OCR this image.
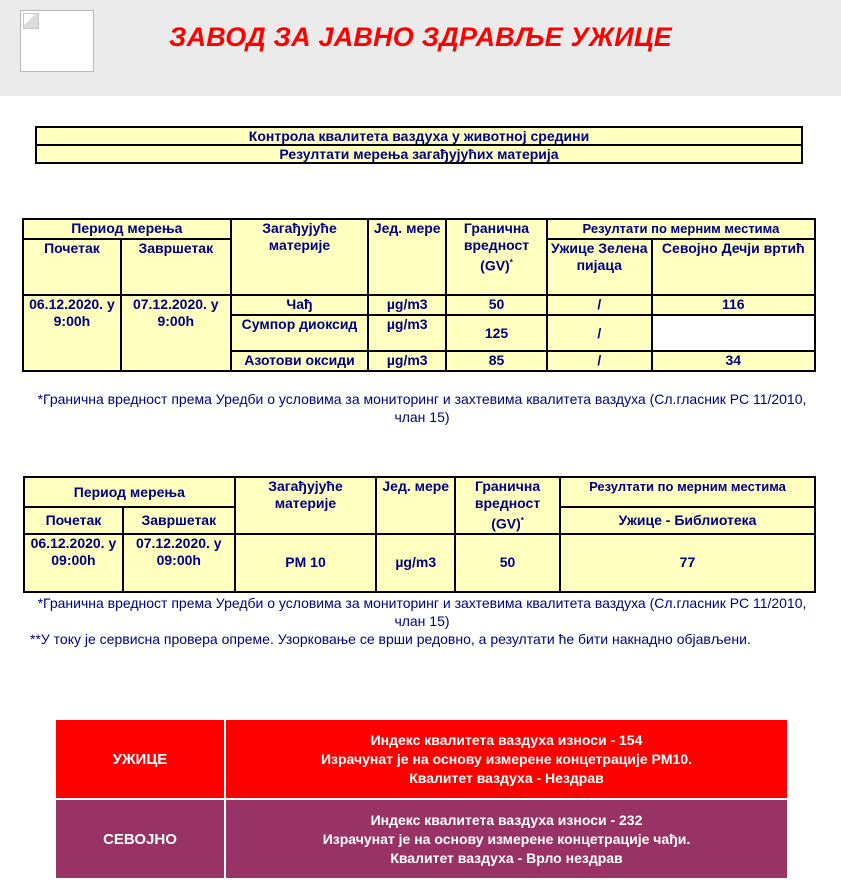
ЗАВОД ЗА ЈАВНО ЗДРАВЉЕ УЖИЦЕ
Контрола квалитета ваздуха у животној средини
Резултати мерења загађујућих материја
Период мерења		Загађујуће материје	Јед. мере	Гранична вредност (GV)*	Резултати по мерним местима	
Почетак	Завршетак				Ужице Зелена пијаца	Севојно Дечји вртић
06.12.2020. у 9:00h	07.12.2020. у 9:00h	Чађ	µg/m3	50	/	116
		Сумпор диоксид	µg/m3	125	/	
		Азотови оксиди	µg/m3	85	/	34
*Гранична вредност према Уредби о условима за мониторинг и захтевима квалитета ваздуха (Сл.гласник РС 11/2010, члан 15)
Период мерења		Загађујуће материје	Јед. мере	Гранична вредност (GV)*	Резултати по мерним местима
Почетак	Завршетак				Ужице - Библиотека
06.12.2020. у 09:00h	07.12.2020. у 09:00h	PM 10	µg/m3	50	77
*Гранична вредност према Уредби о условима за мониторинг и захтевима квалитета ваздуха (Сл.гласник РС 11/2010, члан 15)
**У току је сервисна провера опреме. Узорковање се врши редовно, а резултати ће бити накнадно објављени.
УЖИЦЕ	Индекс квалитета ваздуха износи - 154
Израчунат је на основу измерене концетрације PM10.
Квалитет ваздуха - Нездрав

СЕВОЈНО	Индекс квалитета ваздуха износи - 232
Израчунат је на основу измерене концетрације чађи.
Квалитет ваздуха - Врло нездрав
